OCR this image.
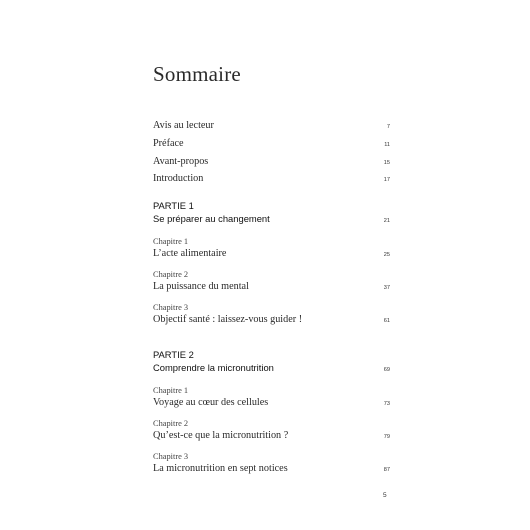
Sommaire
Avis au lecteur	7
Préface	11
Avant-propos	15
Introduction	17
PARTIE 1
Se préparer au changement	21
Chapitre 1
L’acte alimentaire	25
Chapitre 2
La puissance du mental	37
Chapitre 3
Objectif santé : laissez-vous guider !	61
PARTIE 2
Comprendre la micronutrition	69
Chapitre 1
Voyage au cœur des cellules	73
Chapitre 2
Qu’est-ce que la micronutrition ?	79
Chapitre 3
La micronutrition en sept notices	87
5
